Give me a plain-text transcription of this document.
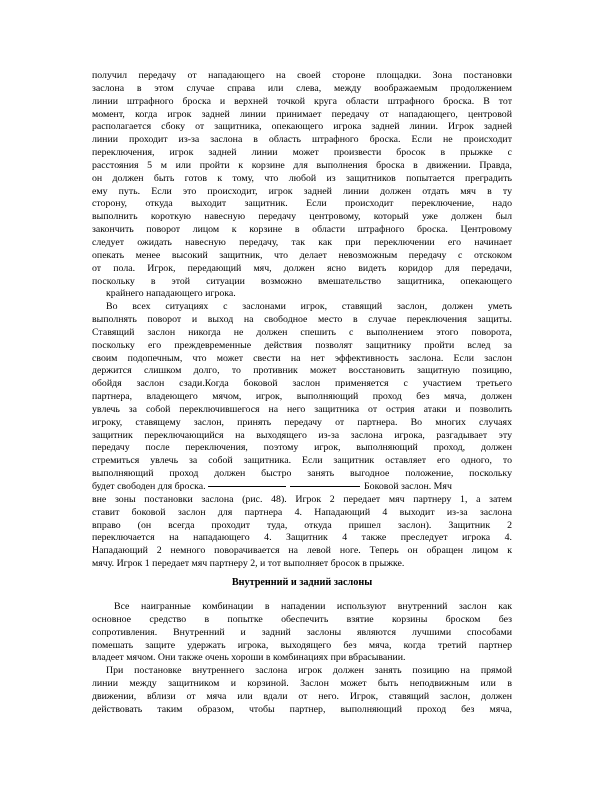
получил передачу от нападающего на своей стороне площадки. Зона постановки
заслона в этом случае справа или слева, между воображаемым продолжением
линии штрафного броска и верхней точкой круга области штрафного броска. В тот
момент, когда игрок задней линии принимает передачу от нападающего, центровой
располагается сбоку от защитника, опекающего игрока задней линии. Игрок задней
линии проходит из-за заслона в область штрафного броска. Если не происходит
переключения, игрок задней линии может произвести бросок в прыжке с
расстояния 5 м или пройти к корзине для выполнения броска в движении. Правда,
он должен быть готов к тому, что любой из защитников попытается преградить
ему путь. Если это происходит, игрок задней линии должен отдать мяч в ту
сторону, откуда выходит защитник. Если происходит переключение, надо
выполнить короткую навесную передачу центровому, который уже должен был
закончить поворот лицом к корзине в области штрафного броска. Центровому
следует ожидать навесную передачу, так как при переключении его начинает
опекать менее высокий защитник, что делает невозможным передачу с отскоком
от пола. Игрок, передающий мяч, должен ясно видеть коридор для передачи,
поскольку в этой ситуации возможно вмешательство защитника, опекающего
крайнего нападающего игрока.

Во всех ситуациях с заслонами игрок, ставящий заслон, должен уметь
выполнять поворот и выход на свободное место в случае переключения защиты.
Ставящий заслон никогда не должен спешить с выполнением этого поворота,
поскольку его преждевременные действия позволят защитнику пройти вслед за
своим подопечным, что может свести на нет эффективность заслона. Если заслон
держится слишком долго, то противник может восстановить защитную позицию,
обойдя заслон сзади.Когда боковой заслон применяется с участием третьего
партнера, владеющего мячом, игрок, выполняющий проход без мяча, должен
увлечь за собой переключившегося на него защитника от острия атаки и позволить
игроку, ставящему заслон, принять передачу от партнера. Во многих случаях
защитник переключающийся на выходящего из-за заслона игрока, разгадывает эту
передачу после переключения, поэтому игрок, выполняющий проход, должен
стремиться увлечь за собой защитника. Если защитник оставляет его одного, то
выполняющий проход должен быстро занять выгодное положение, поскольку

будет свободен для броска.	Боковой заслон. Мяч

вне зоны постановки заслона (рис. 48). Игрок 2 передает мяч партнеру 1, а затем
ставит боковой заслон для партнера 4. Нападающий 4 выходит из-за заслона
вправо (он всегда проходит туда, откуда пришел заслон). Защитник 2
переключается на нападающего 4. Защитник 4 также преследует игрока 4.
Нападающий 2 немного поворачивается на левой ноге. Теперь он обращен лицом к
мячу. Игрок 1 передает мяч партнеру 2, и тот выполняет бросок в прыжке.

Внутренний и задний заслоны

Все наигранные комбинации в нападении используют внутренний заслон как
основное средство в попытке обеспечить взятие корзины броском без
сопротивления. Внутренний и задний заслоны являются лучшими способами
помешать защите удержать игрока, выходящего без мяча, когда третий партнер
владеет мячом. Они также очень хороши в комбинациях при вбрасывании.

При постановке внутреннего заслона игрок должен занять позицию на прямой
линии между защитником и корзиной. Заслон может быть неподвижным или в
движении, вблизи от мяча или вдали от него. Игрок, ставящий заслон, должен
действовать таким образом, чтобы партнер, выполняющий проход без мяча,
